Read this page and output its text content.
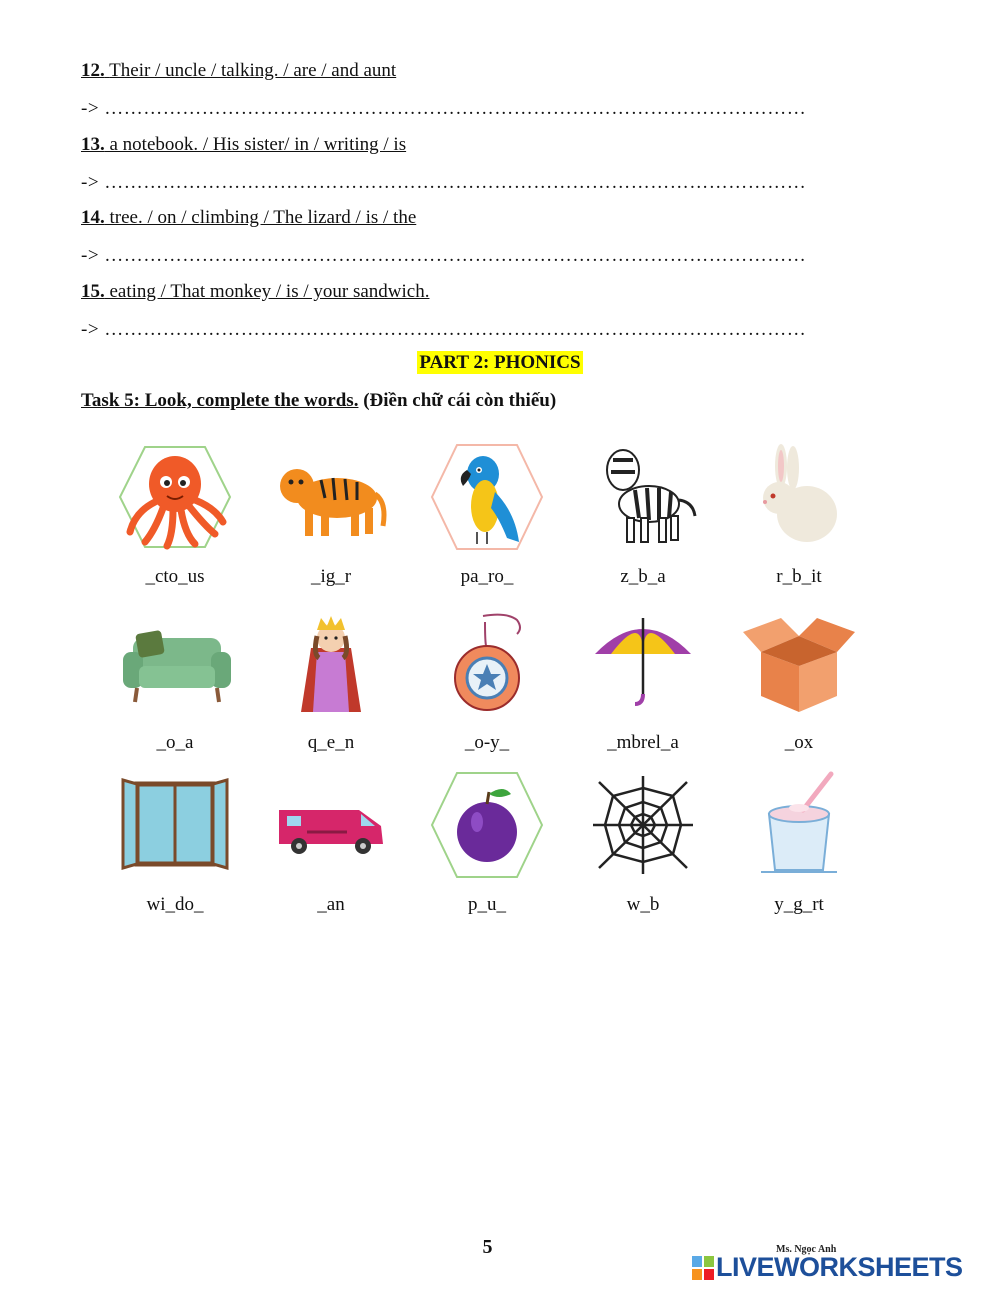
12. Their / uncle / talking. / are / and aunt
-> ………………………………………………………………………………………………
13. a notebook. / His sister/ in / writing / is
-> ………………………………………………………………………………………………
14. tree. / on / climbing / The lizard / is / the
-> ………………………………………………………………………………………………
15. eating / That monkey / is / your sandwich.
-> ………………………………………………………………………………………………
PART 2: PHONICS
Task 5: Look, complete the words. (Điền chữ cái còn thiếu)
_cto_us	_ig_r	pa_ro_	z_b_a	r_b_it
_o_a	q_e_n	_o-y_	_mbrel_a	_ox
wi_do_	_an	p_u_	w_b	y_g_rt
5	Ms. Ngọc Anh
LIVEWORKSHEETS
